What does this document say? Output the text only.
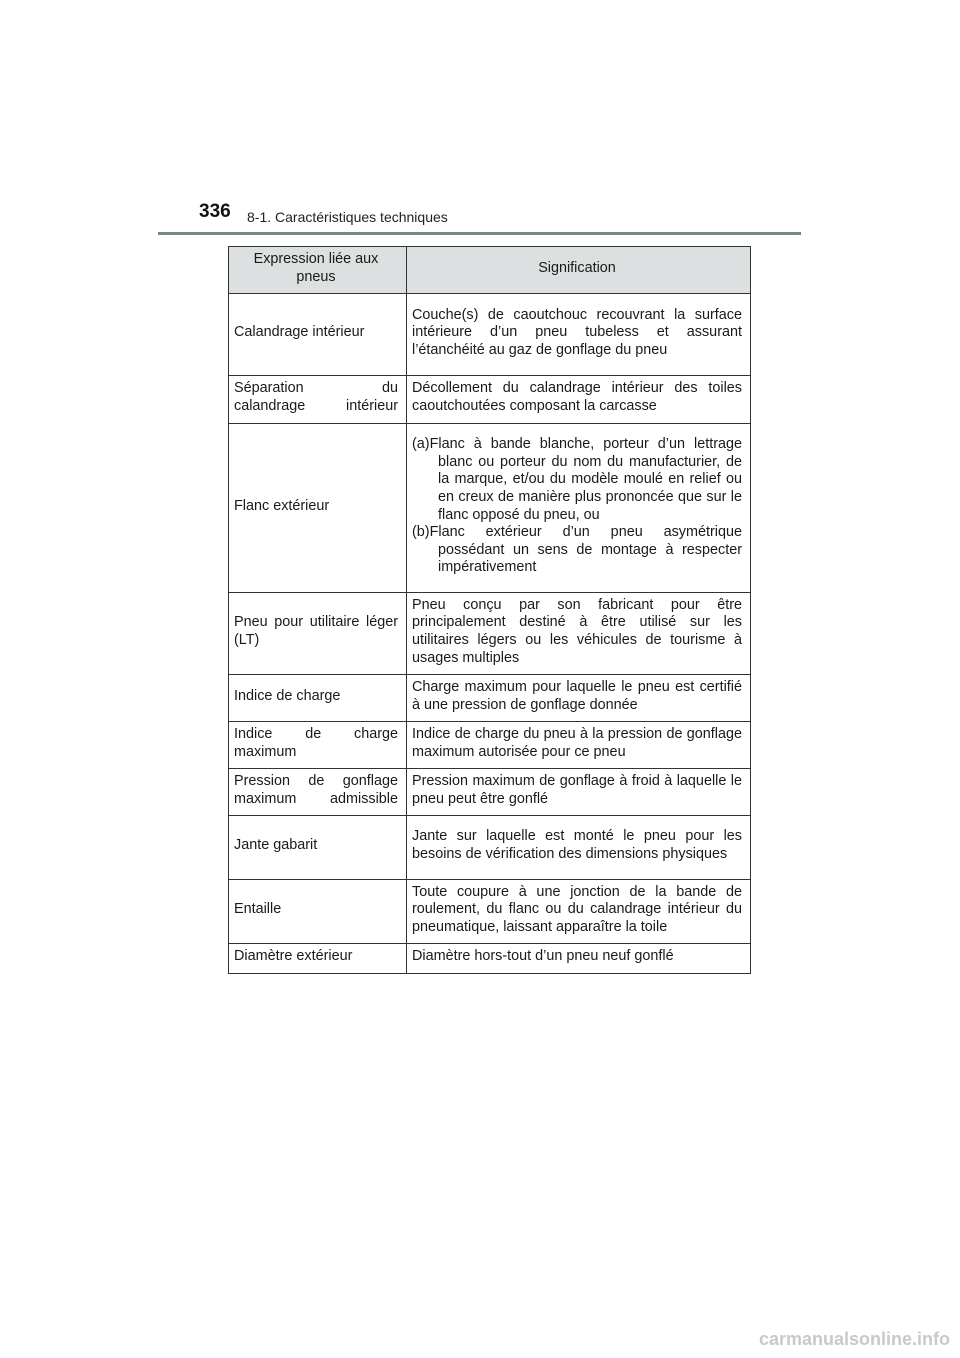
336 8-1. Caractéristiques techniques
Expression liée aux pneus	Signification
Calandrage intérieur	Couche(s) de caoutchouc recouvrant la surface intérieure d’un pneu tubeless et assurant l’étanchéité au gaz de gonflage du pneu
Séparation du calandrage intérieur	Décollement du calandrage intérieur des toiles caoutchoutées composant la carcasse
Flanc extérieur	(a)Flanc à bande blanche, porteur d’un lettrage blanc ou porteur du nom du manufacturier, de la marque, et/ou du modèle moulé en relief ou en creux de manière plus prononcée que sur le flanc opposé du pneu, ou
(b)Flanc extérieur d’un pneu asymétrique possédant un sens de montage à respecter impérativement

Pneu pour utilitaire léger (LT)	Pneu conçu par son fabricant pour être principalement destiné à être utilisé sur les utilitaires légers ou les véhicules de tourisme à usages multiples
Indice de charge	Charge maximum pour laquelle le pneu est certifié à une pression de gonflage donnée
Indice de charge maximum	Indice de charge du pneu à la pression de gonflage maximum autorisée pour ce pneu
Pression de gonflage maximum admissible	Pression maximum de gonflage à froid à laquelle le pneu peut être gonflé
Jante gabarit	Jante sur laquelle est monté le pneu pour les besoins de vérification des dimensions physiques
Entaille	Toute coupure à une jonction de la bande de roulement, du flanc ou du calandrage intérieur du pneumatique, laissant apparaître la toile
Diamètre extérieur	Diamètre hors-tout d’un pneu neuf gonflé
carmanualsonline.info
